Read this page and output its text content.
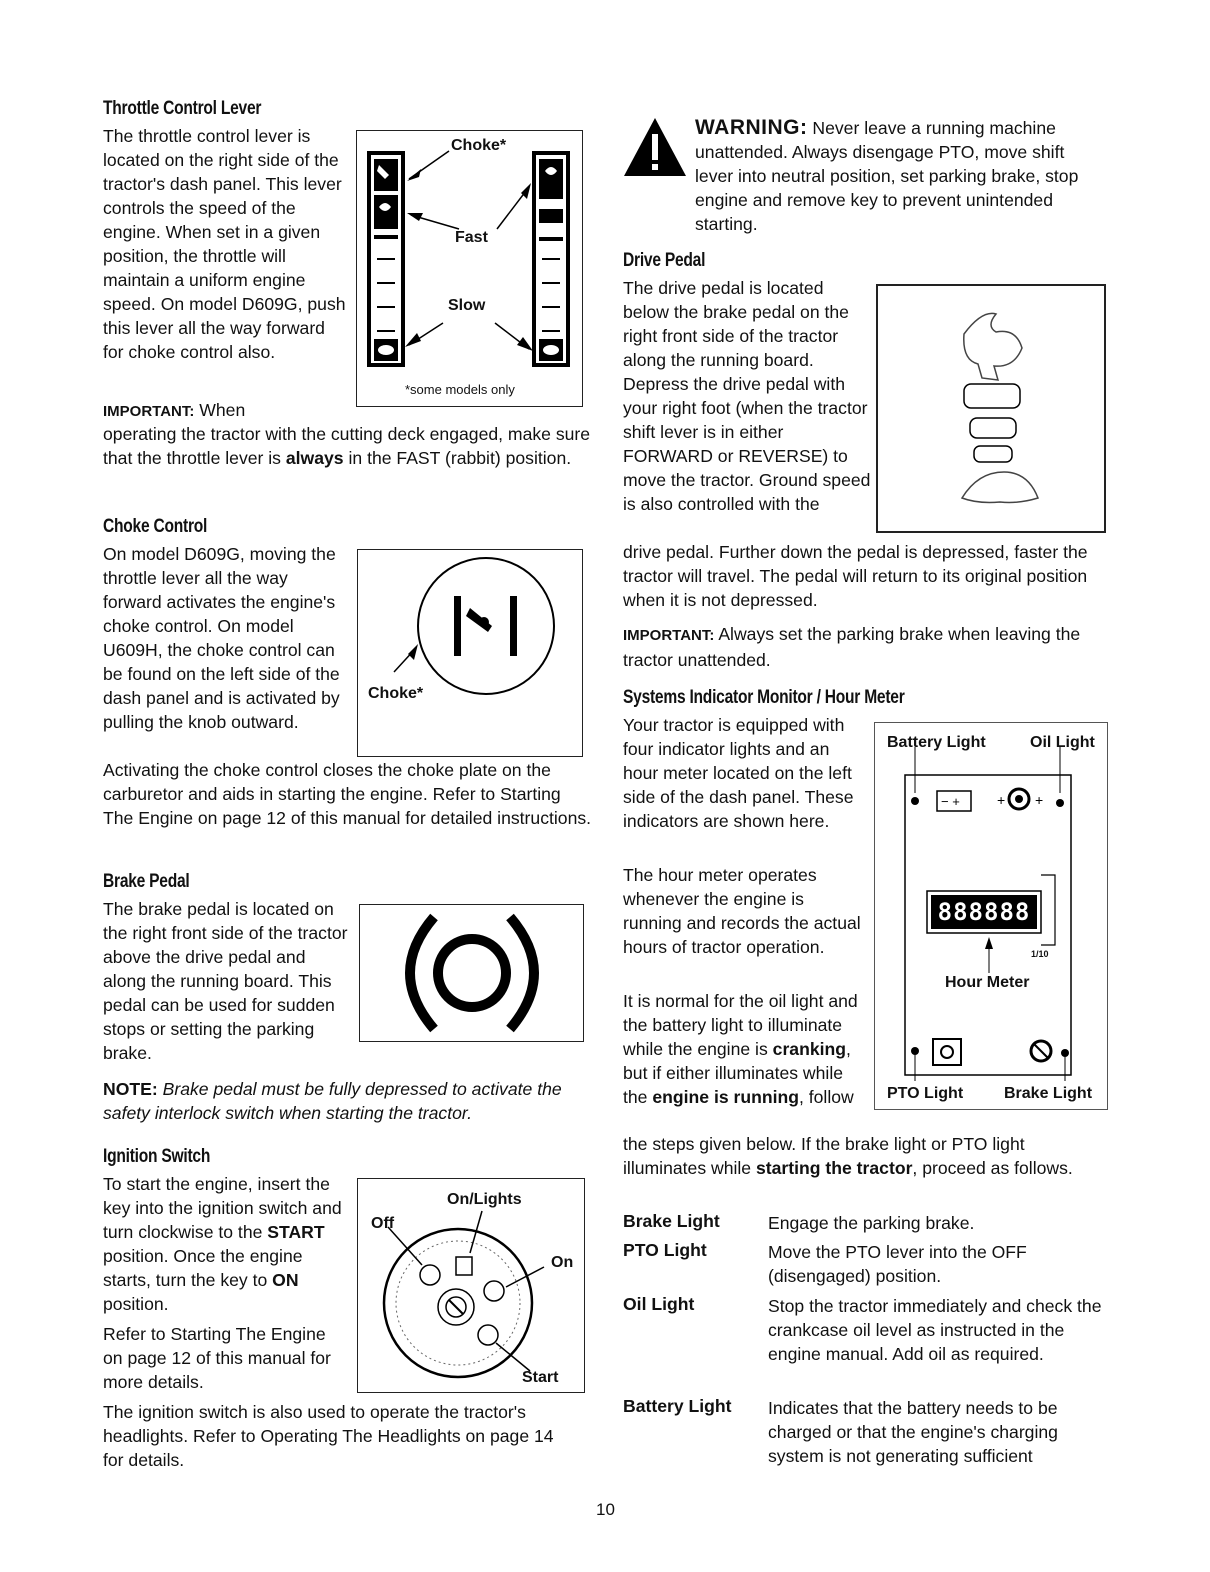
Throttle Control Lever

The throttle control lever is located on the right side of the tractor's dash panel. This lever controls the speed of the engine. When set in a given position, the throttle will maintain a uniform engine speed. On model D609G, push this lever all the way forward for choke control also.

Choke*
Fast
Slow
*some models only
IMPORTANT: When

operating the tractor with the cutting deck engaged, make sure that the throttle lever is always in the FAST (rabbit) position.

Choke Control

On model D609G, moving the throttle lever all the way forward activates the engine's choke control. On model U609H, the choke control can be found on the left side of the dash panel and is activated by pulling the knob outward.

Choke*

Activating the choke control closes the choke plate on the carburetor and aids in starting the engine. Refer to Starting The Engine on page 12 of this manual for detailed instructions.

Brake Pedal

The brake pedal is located on the right front side of the tractor above the drive pedal and along the running board. This pedal can be used for sudden stops or setting the parking brake.

NOTE: Brake pedal must be fully depressed to activate the safety interlock switch when starting the tractor.

Ignition Switch

To start the engine, insert the key into the ignition switch and turn clockwise to the START position. Once the engine starts, turn the key to ON position.

Refer to Starting The Engine on page 12 of this manual for more details.

On/Lights
Off
On
Start

The ignition switch is also used to operate the tractor's headlights. Refer to Operating The Headlights on page 14 for details.

WARNING: Never leave a running machine unattended. Always disengage PTO, move shift lever into neutral position, set parking brake, stop engine and remove key to prevent unintended starting.

Drive Pedal

The drive pedal is located below the brake pedal on the right front side of the tractor along the running board. Depress the drive pedal with your right foot (when the tractor shift lever is in either FORWARD or REVERSE) to move the tractor. Ground speed is also controlled with the

drive pedal. Further down the pedal is depressed, faster the tractor will travel. The pedal will return to its original position when it is not depressed.

IMPORTANT: Always set the parking brake when leaving the tractor unattended.

Systems Indicator Monitor / Hour Meter

Your tractor is equipped with four indicator lights and an hour meter located on the left side of the dash panel. These indicators are shown here.

The hour meter operates whenever the engine is running and records the actual hours of tractor operation.

It is normal for the oil light and the battery light to illuminate while the engine is cranking, but if either illuminates while the engine is running, follow

− +	+ +
Battery Light	Oil Light
888888
1/10
Hour Meter
PTO Light	Brake Light

the steps given below. If the brake light or PTO light illuminates while starting the tractor, proceed as follows.

Brake Light	Engage the parking brake.
PTO Light	Move the PTO lever into the OFF (disengaged) position.
Oil Light	Stop the tractor immediately and check the crankcase oil level as instructed in the engine manual. Add oil as required.
Battery Light Indicates that the battery needs to be charged or that the engine's charging system is not generating sufficient
10
